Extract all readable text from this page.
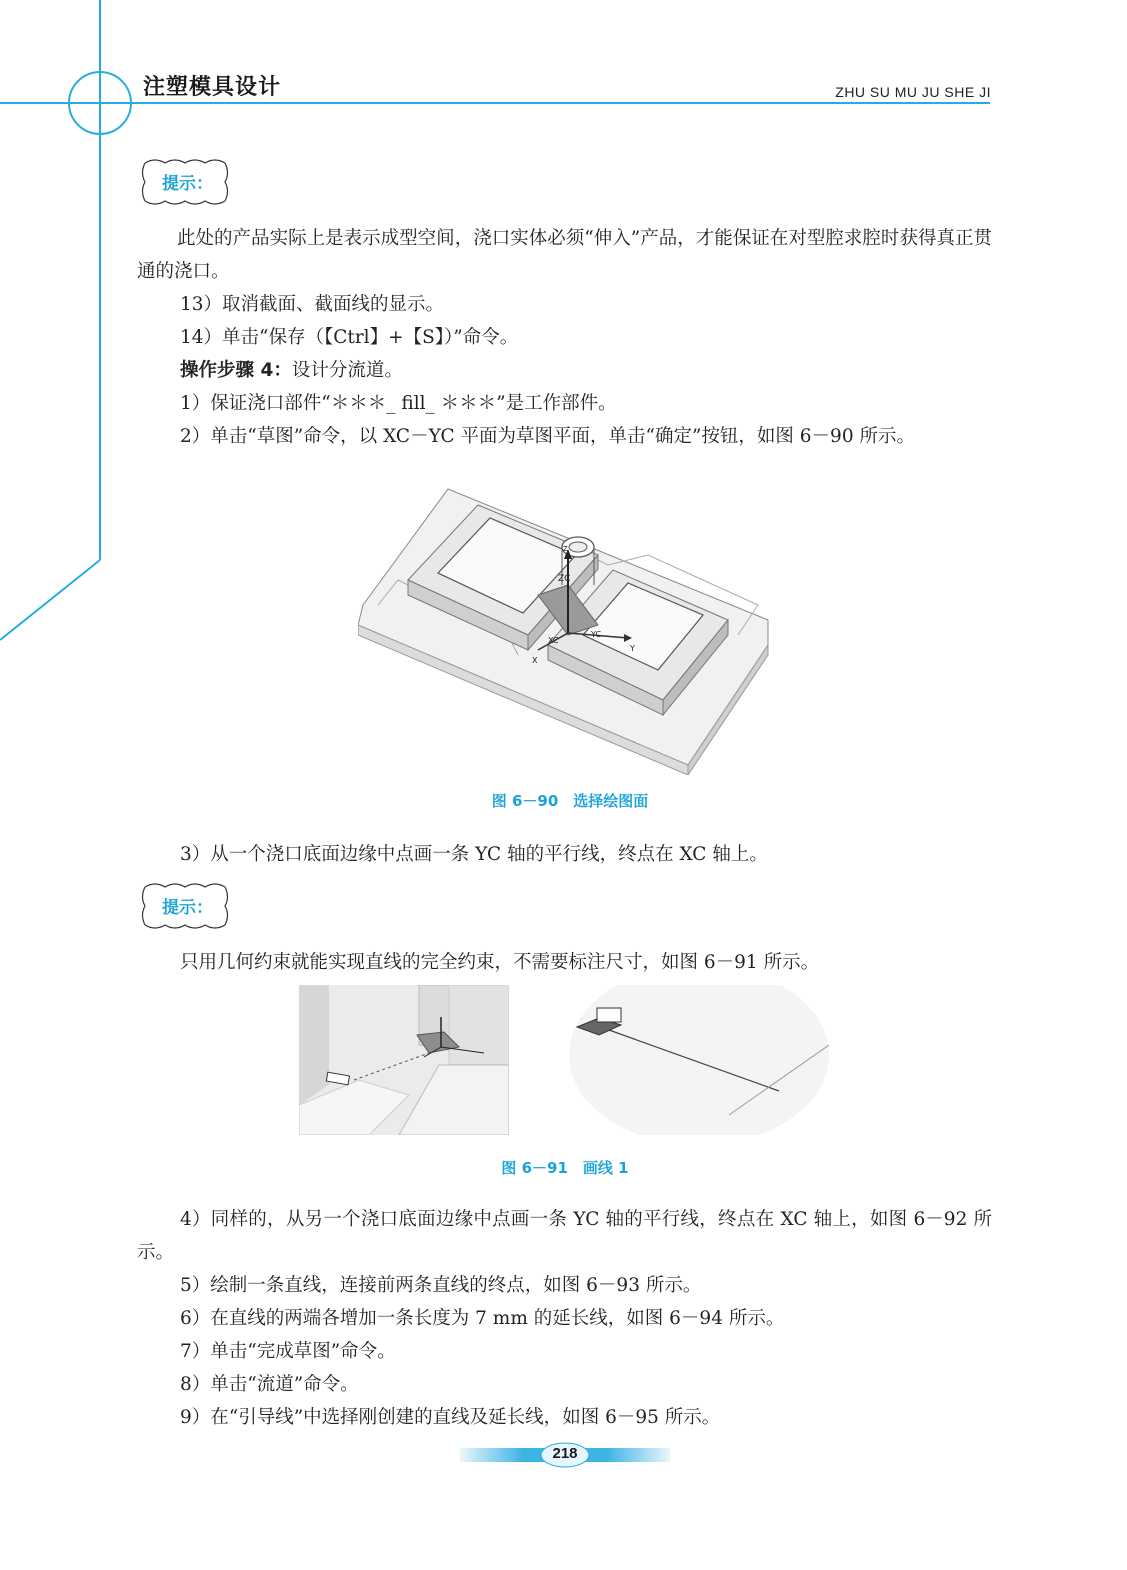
注塑模具设计	ZHU SU MU JU SHE JI
提示：
此处的产品实际上是表示成型空间，浇口实体必须“伸入”产品，才能保证在对型腔求腔时获得真正贯通的浇口。
13）取消截面、截面线的显示。
14）单击“保存（【Ctrl】+【S】）”命令。
操作步骤 4：设计分流道。
1）保证浇口部件“＊＊＊_ fill_ ＊＊＊”是工作部件。
2）单击“草图”命令，以 XC－YC 平面为草图平面，单击“确定”按钮，如图 6－90 所示。
ZC
XC
YC
X
Y
Z
图 6－90　选择绘图面
3）从一个浇口底面边缘中点画一条 YC 轴的平行线，终点在 XC 轴上。
提示：
只用几何约束就能实现直线的完全约束，不需要标注尺寸，如图 6－91 所示。
图 6－91　画线 1
4）同样的，从另一个浇口底面边缘中点画一条 YC 轴的平行线，终点在 XC 轴上，如图 6－92 所示。
5）绘制一条直线，连接前两条直线的终点，如图 6－93 所示。
6）在直线的两端各增加一条长度为 7 mm 的延长线，如图 6－94 所示。
7）单击“完成草图”命令。
8）单击“流道”命令。
9）在“引导线”中选择刚创建的直线及延长线，如图 6－95 所示。
218
